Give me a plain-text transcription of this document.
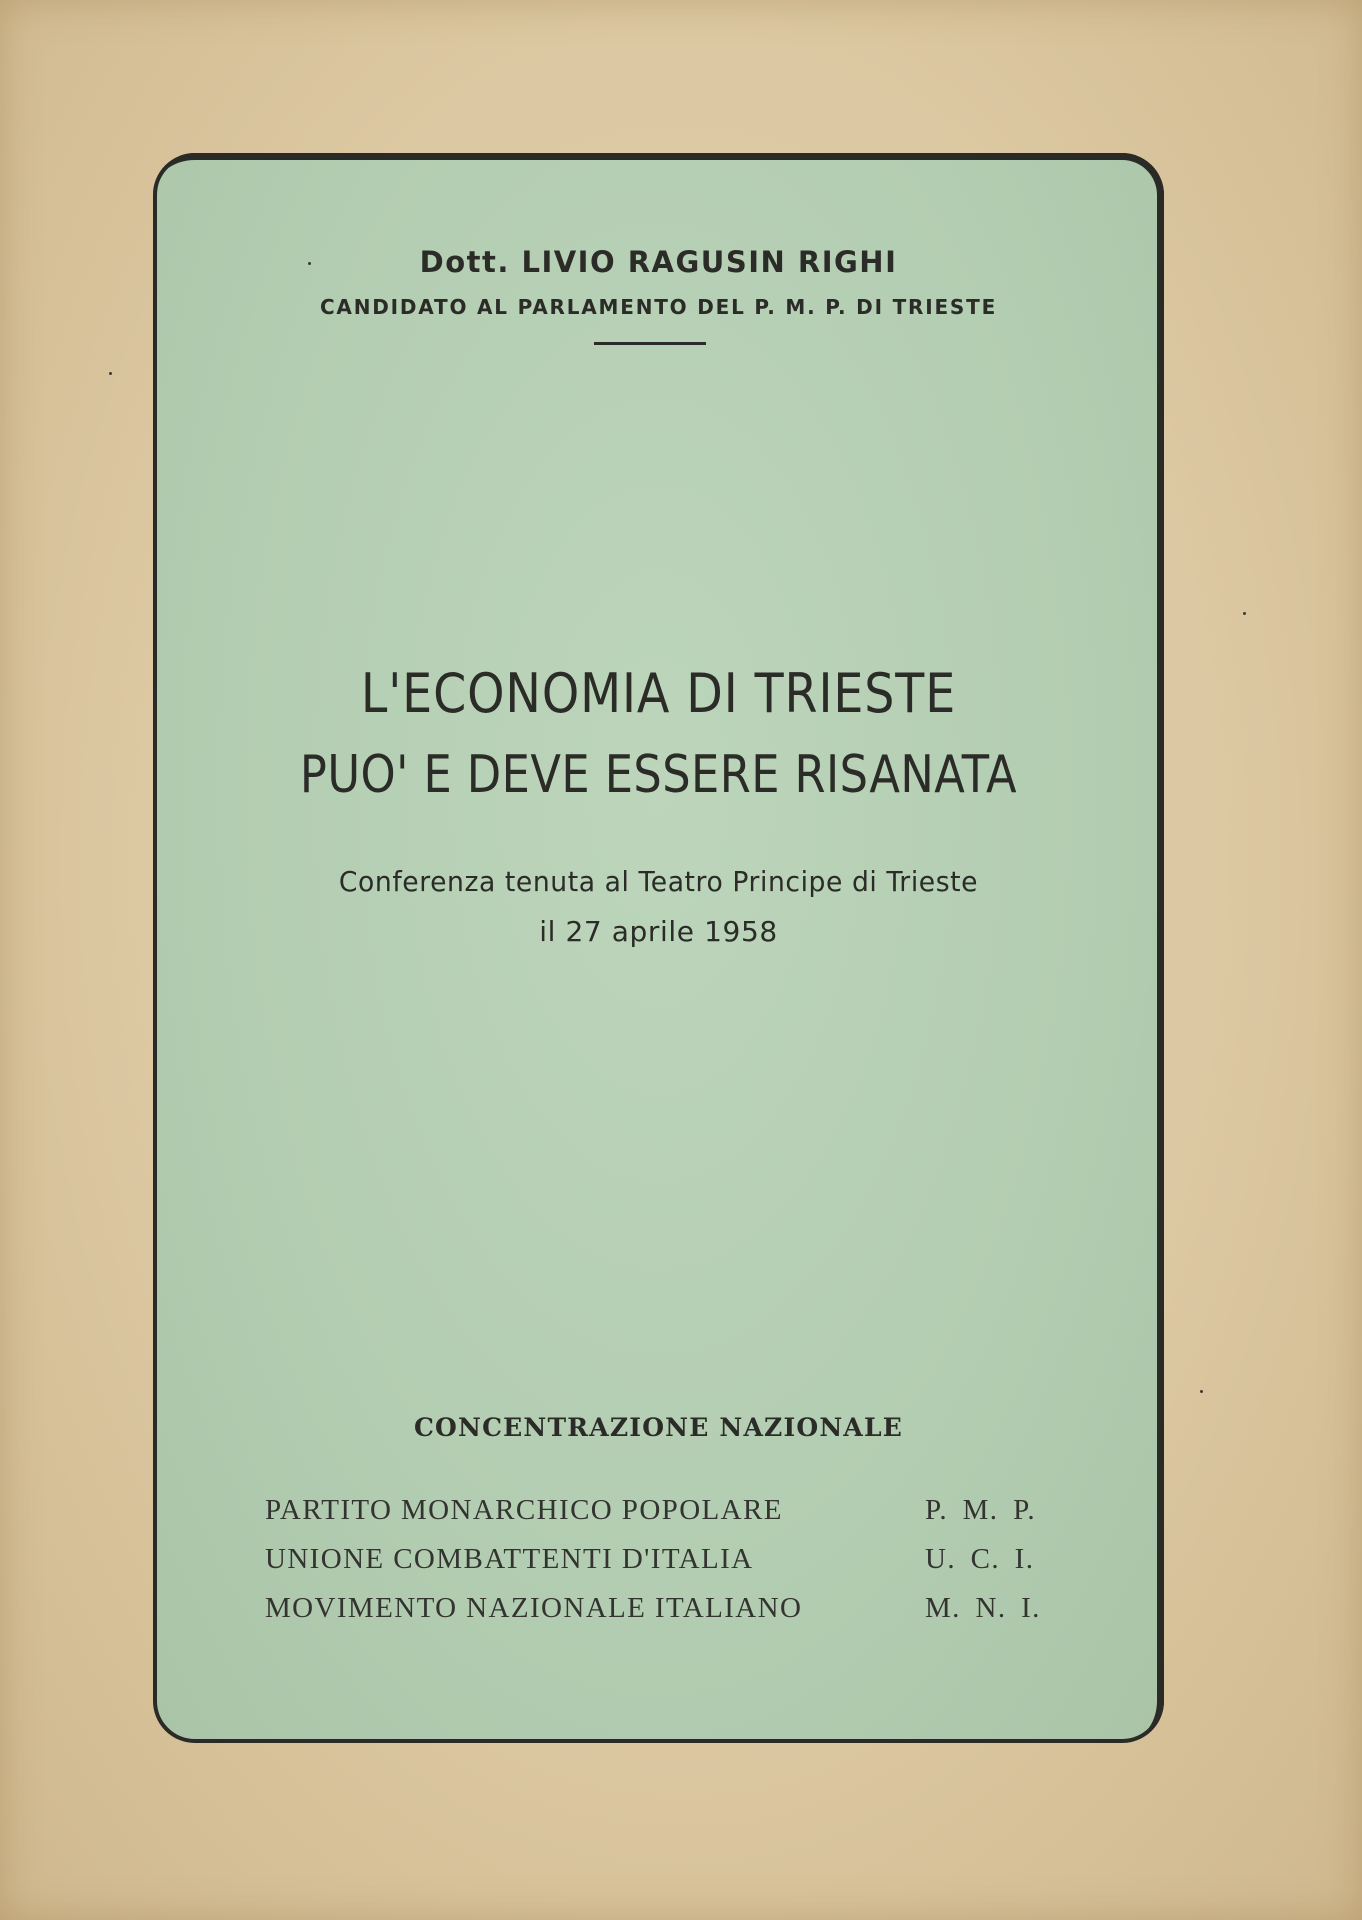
Dott. LIVIO RAGUSIN RIGHI
CANDIDATO AL PARLAMENTO DEL P. M. P. DI TRIESTE
L'ECONOMIA DI TRIESTE
PUO' E DEVE ESSERE RISANATA
Conferenza tenuta al Teatro Principe di Trieste
il 27 aprile 1958
CONCENTRAZIONE NAZIONALE
PARTITO MONARCHICO POPOLARE	P. M. P.
UNIONE COMBATTENTI D'ITALIA	U. C. I.
MOVIMENTO NAZIONALE ITALIANO	M. N. I.
